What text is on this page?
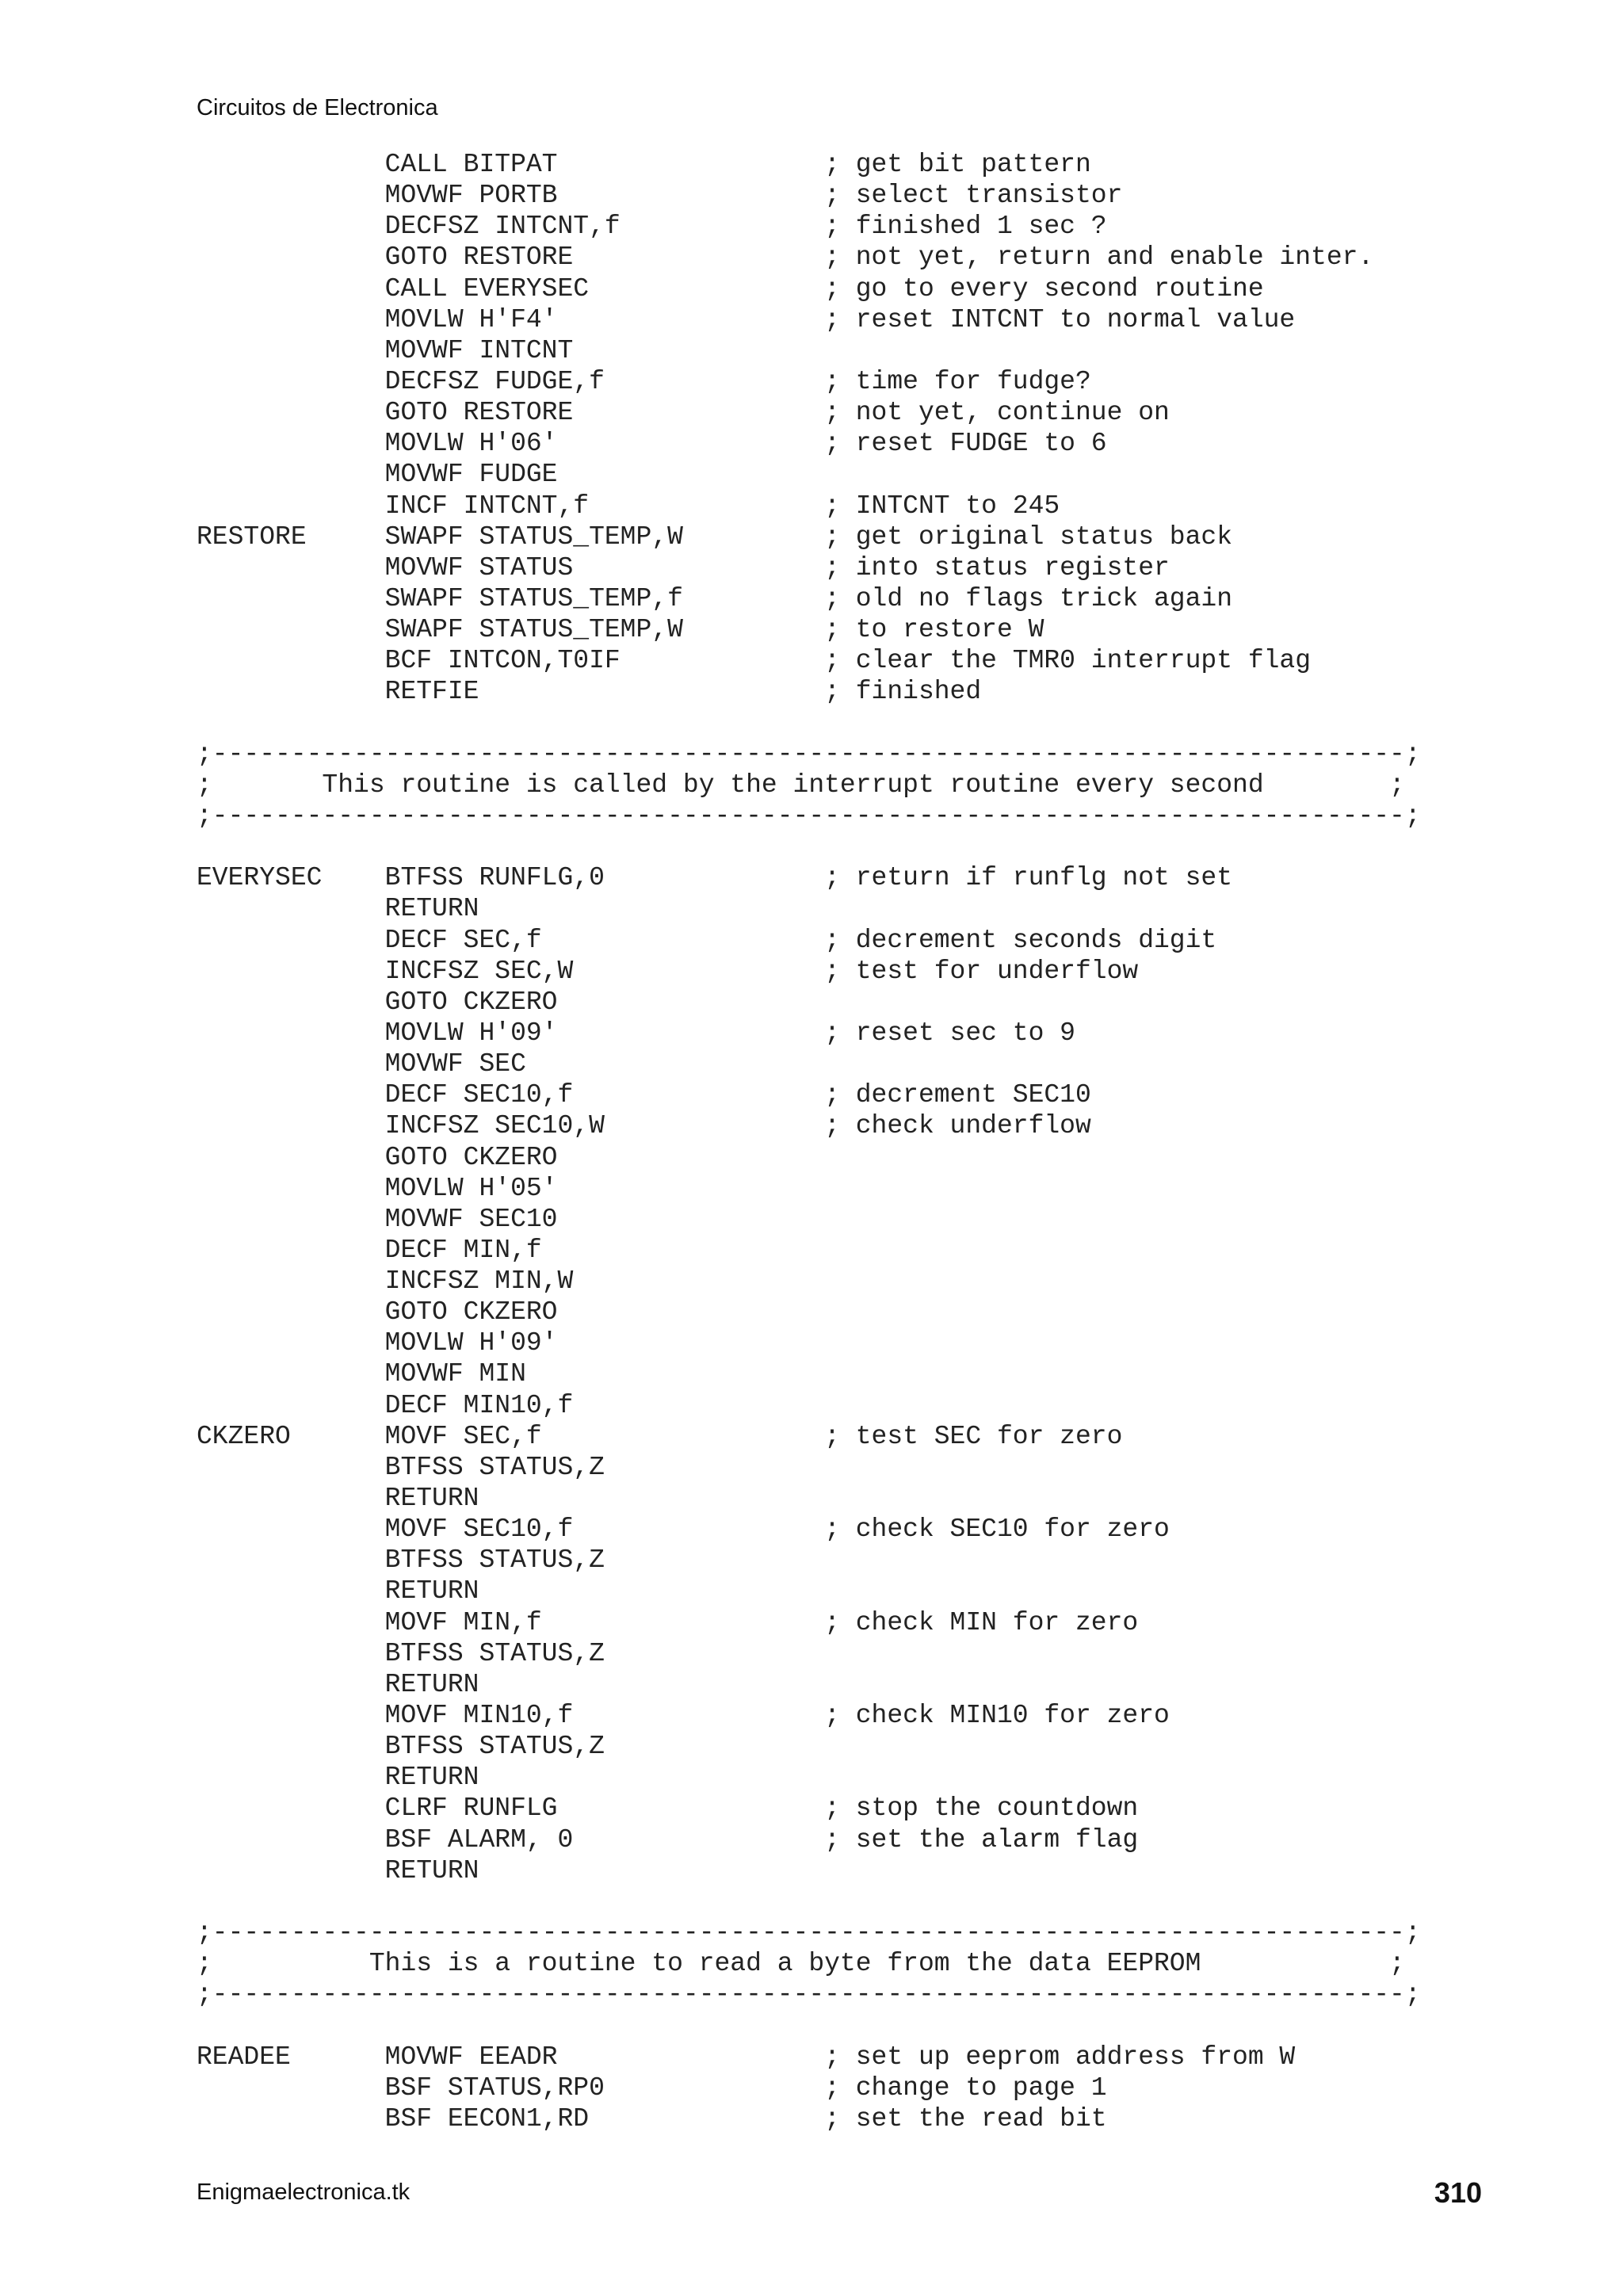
Circuitos de Electronica
CALL BITPAT                 ; get bit pattern
MOVWF PORTB                 ; select transistor
DECFSZ INTCNT,f             ; finished 1 sec ?
GOTO RESTORE                ; not yet, return and enable inter.
CALL EVERYSEC               ; go to every second routine
MOVLW H'F4'                 ; reset INTCNT to normal value
MOVWF INTCNT
DECFSZ FUDGE,f              ; time for fudge?
GOTO RESTORE                ; not yet, continue on
MOVLW H'06'                 ; reset FUDGE to 6
MOVWF FUDGE
INCF INTCNT,f               ; INTCNT to 245
RESTORE     SWAPF STATUS_TEMP,W         ; get original status back
MOVWF STATUS                ; into status register
SWAPF STATUS_TEMP,f         ; old no flags trick again
SWAPF STATUS_TEMP,W         ; to restore W
BCF INTCON,T0IF             ; clear the TMR0 interrupt flag
RETFIE                      ; finished
;----------------------------------------------------------------------------;
;       This routine is called by the interrupt routine every second        ;
;----------------------------------------------------------------------------;
EVERYSEC    BTFSS RUNFLG,0              ; return if runflg not set
RETURN
DECF SEC,f                  ; decrement seconds digit
INCFSZ SEC,W                ; test for underflow
GOTO CKZERO
MOVLW H'09'                 ; reset sec to 9
MOVWF SEC
DECF SEC10,f                ; decrement SEC10
INCFSZ SEC10,W              ; check underflow
GOTO CKZERO
MOVLW H'05'
MOVWF SEC10
DECF MIN,f
INCFSZ MIN,W
GOTO CKZERO
MOVLW H'09'
MOVWF MIN
DECF MIN10,f
CKZERO      MOVF SEC,f                  ; test SEC for zero
BTFSS STATUS,Z
RETURN
MOVF SEC10,f                ; check SEC10 for zero
BTFSS STATUS,Z
RETURN
MOVF MIN,f                  ; check MIN for zero
BTFSS STATUS,Z
RETURN
MOVF MIN10,f                ; check MIN10 for zero
BTFSS STATUS,Z
RETURN
CLRF RUNFLG                 ; stop the countdown
BSF ALARM, 0                ; set the alarm flag
RETURN
;----------------------------------------------------------------------------;
;          This is a routine to read a byte from the data EEPROM            ;
;----------------------------------------------------------------------------;
READEE      MOVWF EEADR                 ; set up eeprom address from W
BSF STATUS,RP0              ; change to page 1
BSF EECON1,RD               ; set the read bit
Enigmaelectronica.tk	310
